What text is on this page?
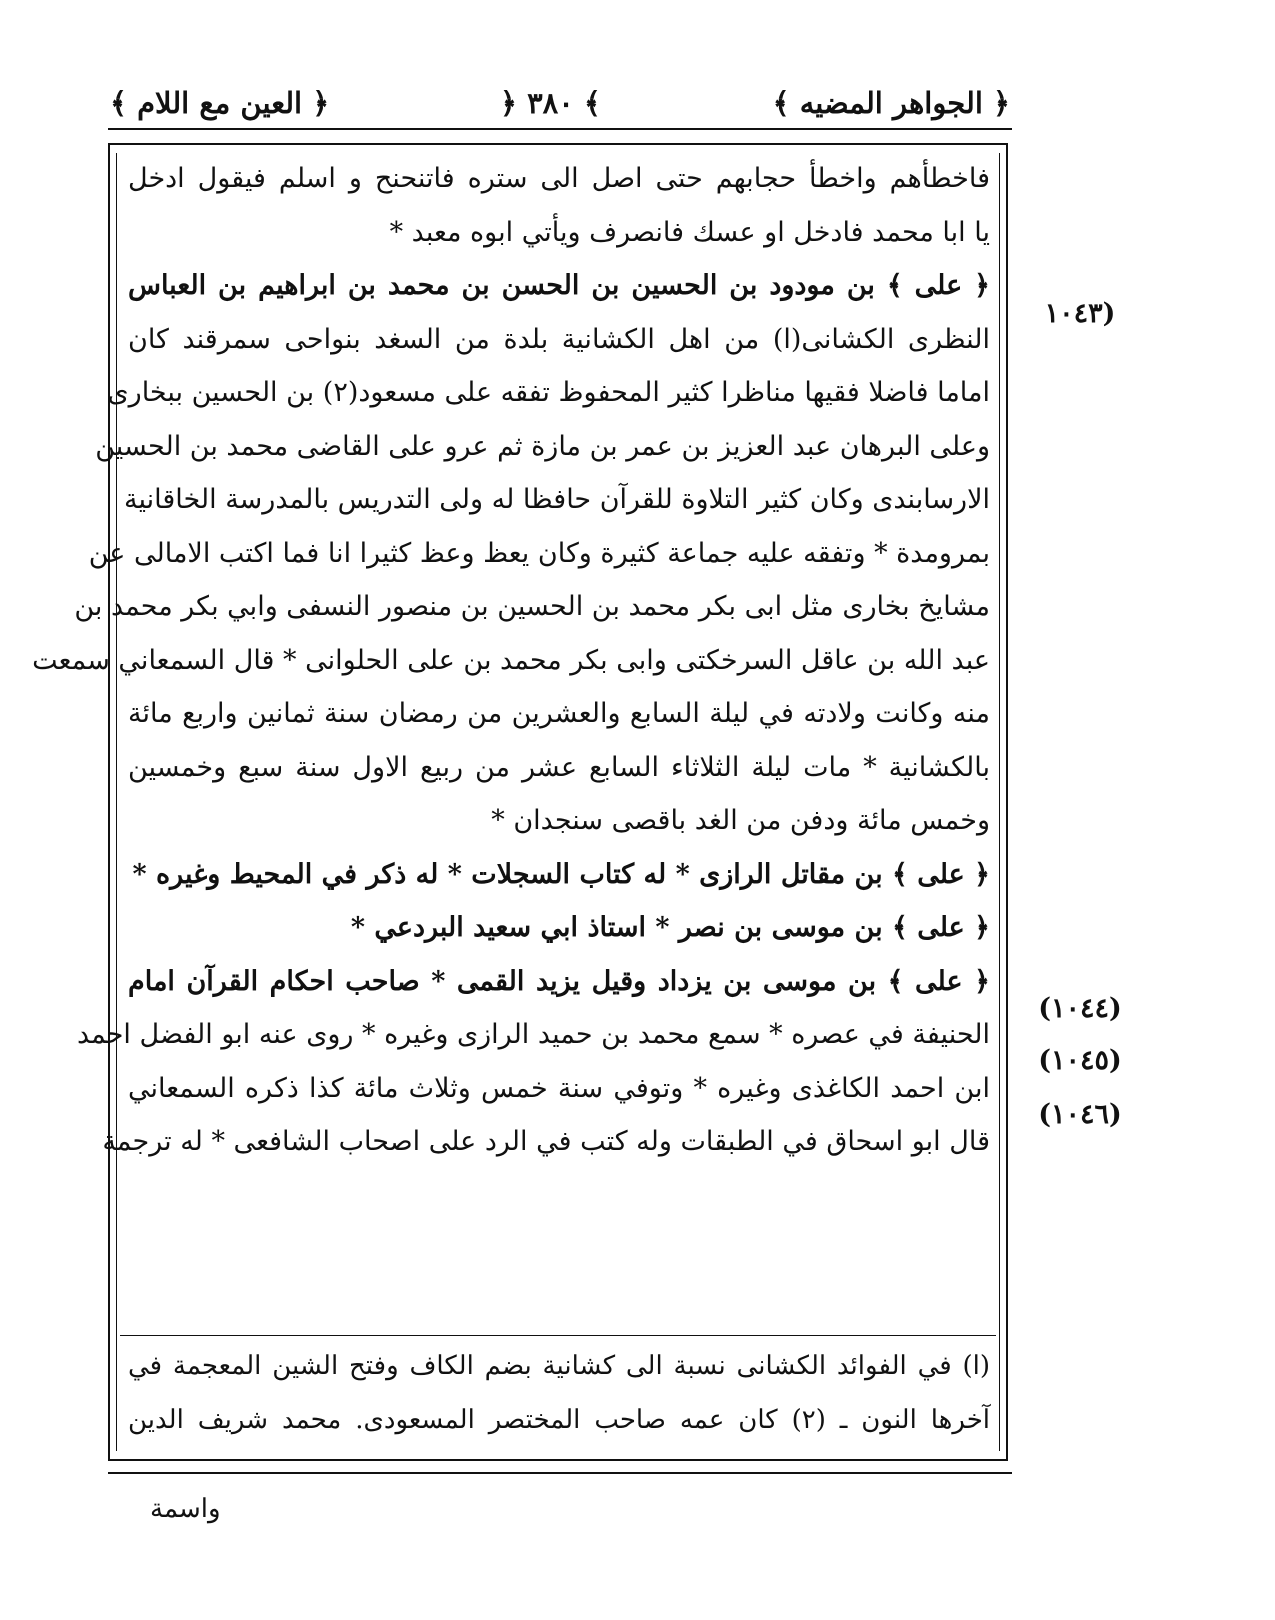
﴿ الجواهر المضيه ﴾
﴿ ٣٨٠ ﴾
﴿ العين مع اللام ﴾
فاخطأهم واخطأ حجابهم حتى اصل الى ستره فاتنحنح و اسلم فيقول ادخل
يا ابا محمد فادخل او عسك فانصرف ويأتي ابوه معبد *
﴿ على ﴾ بن مودود بن الحسين بن الحسن بن محمد بن ابراهيم بن العباس
النظرى الكشانى(ا) من اهل الكشانية بلدة من السغد بنواحى سمرقند كان
اماما فاضلا فقيها مناظرا كثير المحفوظ تفقه على مسعود(٢) بن الحسين ببخارى
وعلى البرهان عبد العزيز بن عمر بن مازة ثم عرو على القاضى محمد بن الحسين
الارسابندى وكان كثير التلاوة للقرآن حافظا له ولى التدريس بالمدرسة الخاقانية
بمرومدة * وتفقه عليه جماعة كثيرة وكان يعظ وعظ كثيرا انا فما اكتب الامالى عن
مشايخ بخارى مثل ابى بكر محمد بن الحسين بن منصور النسفى وابي بكر محمد بن
عبد الله بن عاقل السرخكتى وابى بكر محمد بن على الحلوانى * قال السمعاني سمعت
منه وكانت ولادته في ليلة السابع والعشرين من رمضان سنة ثمانين واربع مائة
بالكشانية * مات ليلة الثلاثاء السابع عشر من ربيع الاول سنة سبع وخمسين
وخمس مائة ودفن من الغد باقصى سنجدان *
﴿ على ﴾ بن مقاتل الرازى * له كتاب السجلات * له ذكر في المحيط وغيره *
﴿ على ﴾ بن موسى بن نصر * استاذ ابي سعيد البردعي *
﴿ على ﴾ بن موسى بن يزداد وقيل يزيد القمى * صاحب احكام القرآن امام
الحنيفة في عصره * سمع محمد بن حميد الرازى وغيره * روى عنه ابو الفضل احمد
ابن احمد الكاغذى وغيره * وتوفي سنة خمس وثلاث مائة كذا ذكره السمعاني
قال ابو اسحاق في الطبقات وله كتب في الرد على اصحاب الشافعى * له ترجمة
(١٠٤٣
(١٠٤٤)
(١٠٤٥)
(١٠٤٦)
(ا) في الفوائد الكشانى نسبة الى كشانية بضم الكاف وفتح الشين المعجمة في
آخرها النون ـ (٢) كان عمه صاحب المختصر المسعودى. محمد شريف الدين
واسمة
